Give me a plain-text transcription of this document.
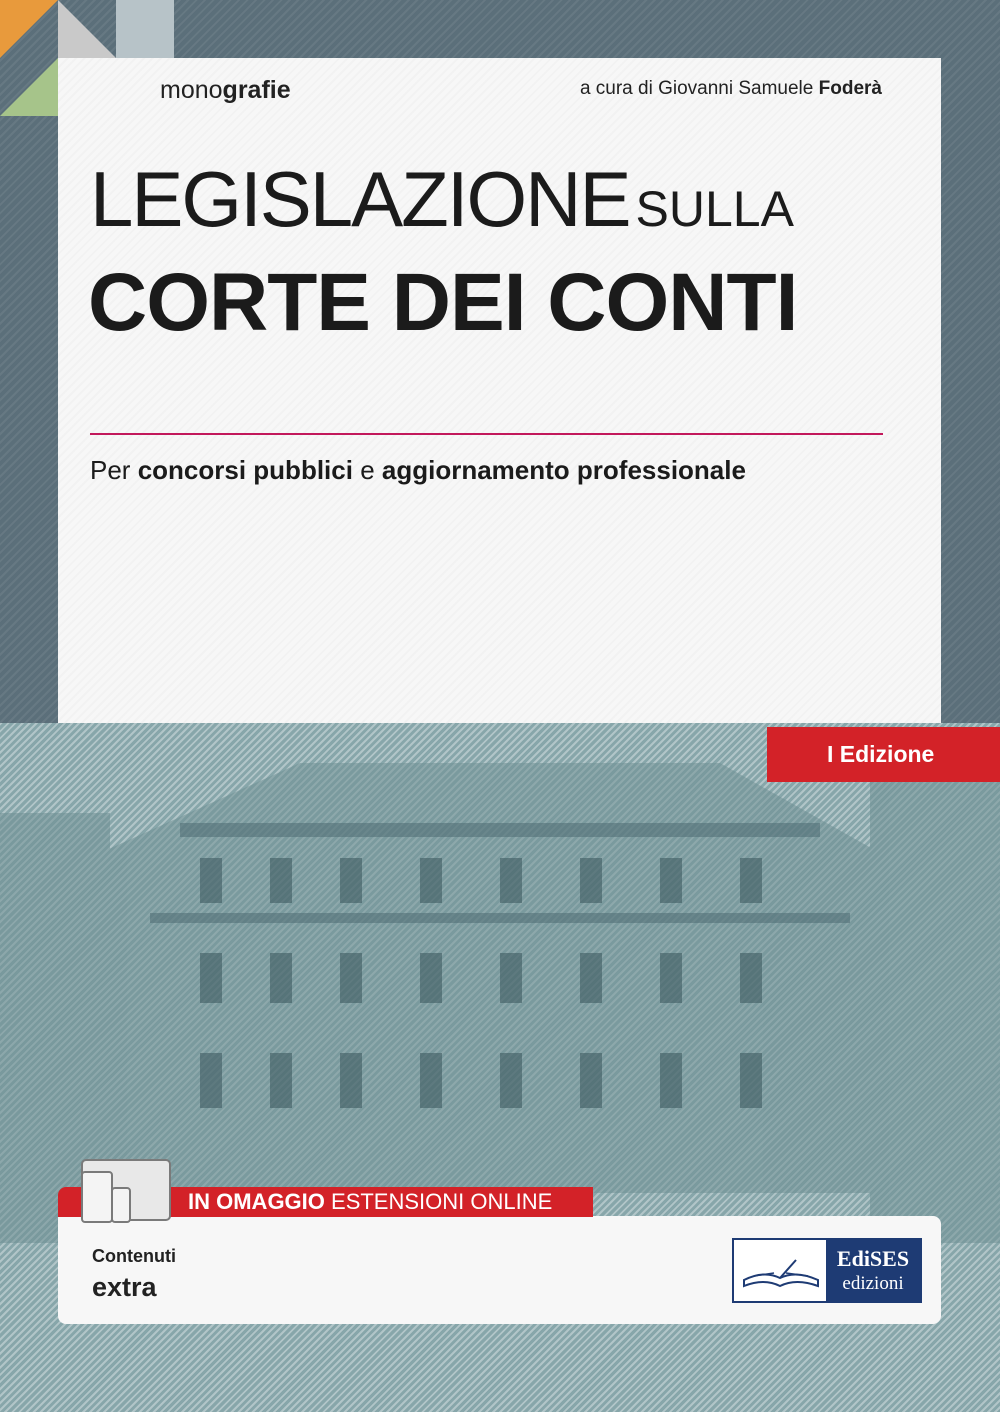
monografie	a cura di Giovanni Samuele Foderà
LEGISLAZIONE SULLA
CORTE DEI CONTI
Per concorsi pubblici e aggiornamento professionale
I Edizione
IN OMAGGIO ESTENSIONI ONLINE
Contenuti
extra
EdiSES
edizioni
